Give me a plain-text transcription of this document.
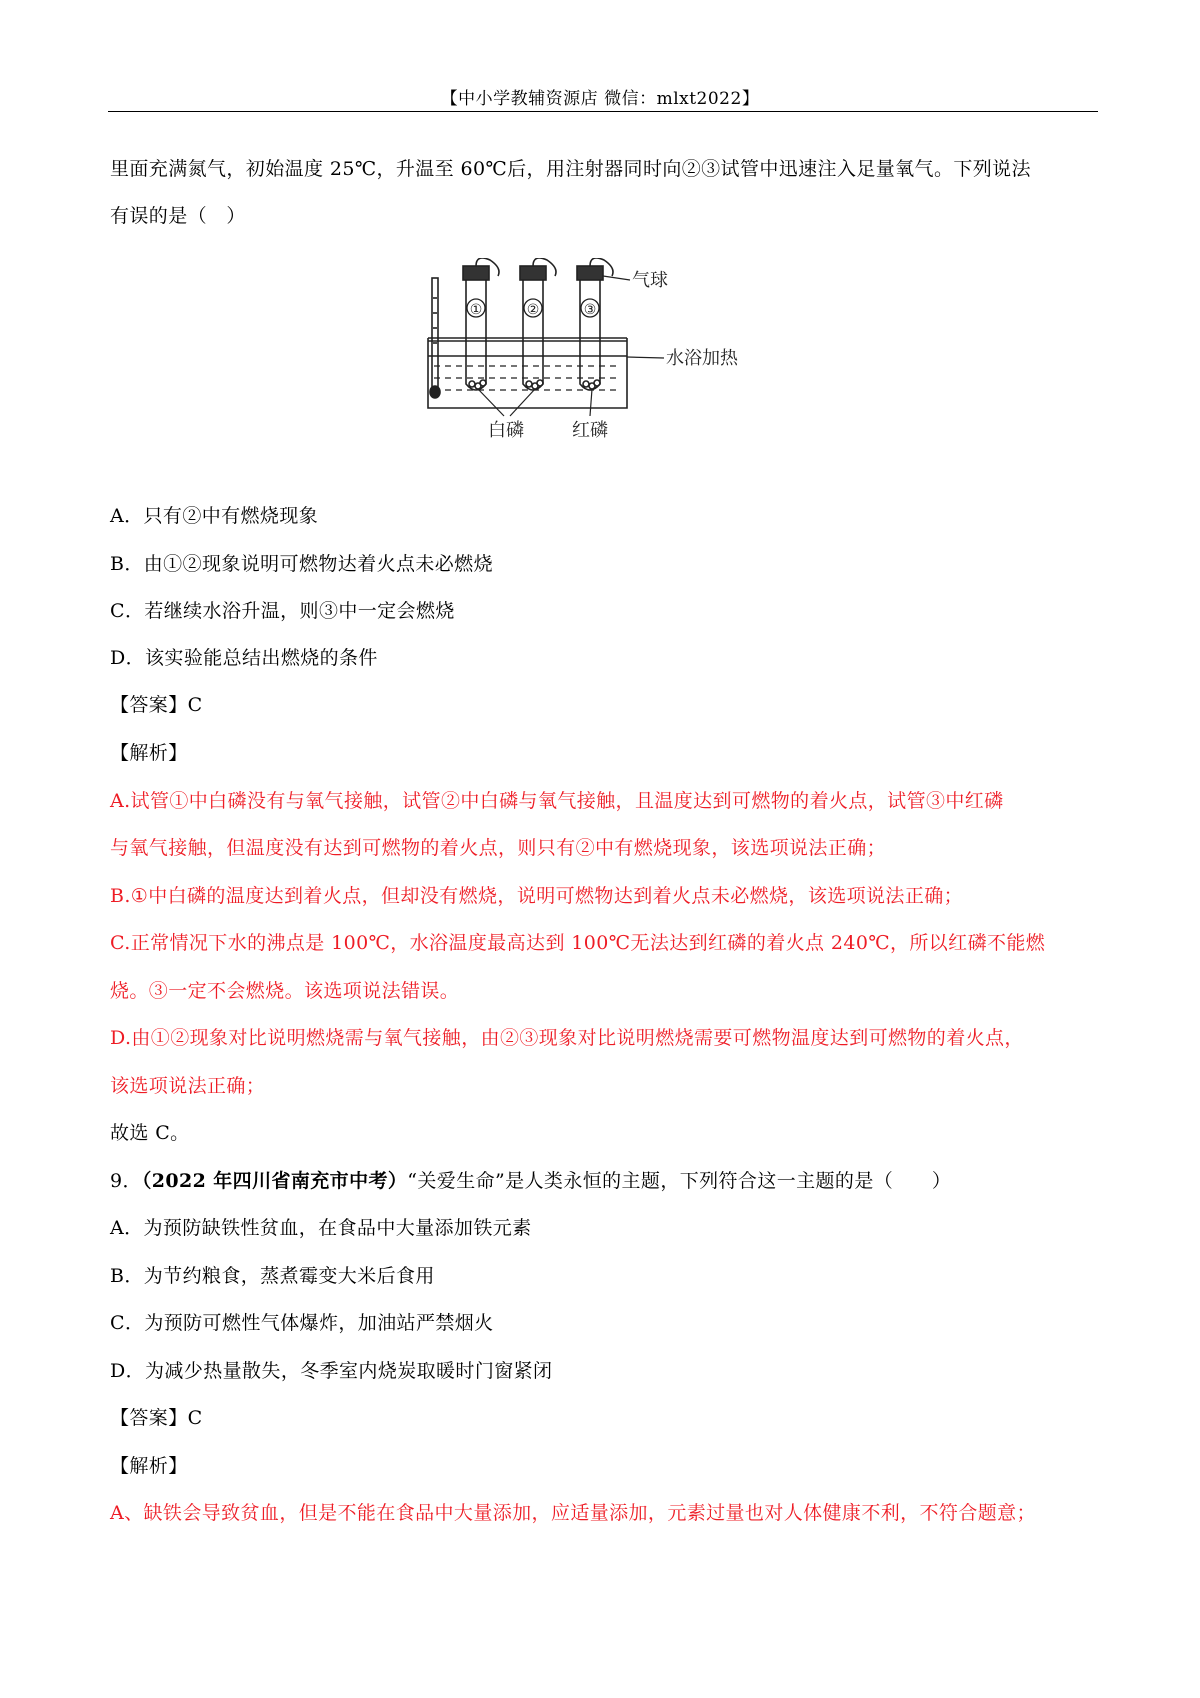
【中小学教辅资源店 微信：mlxt2022】
里面充满氮气，初始温度 25℃，升温至 60℃后，用注射器同时向②③试管中迅速注入足量氧气。下列说法
有误的是（　）
①	②	③
气球
水浴加热
白磷	红磷
A．只有②中有燃烧现象
B．由①②现象说明可燃物达着火点未必燃烧
C．若继续水浴升温，则③中一定会燃烧
D．该实验能总结出燃烧的条件
【答案】C
【解析】
A.试管①中白磷没有与氧气接触，试管②中白磷与氧气接触，且温度达到可燃物的着火点，试管③中红磷
与氧气接触，但温度没有达到可燃物的着火点，则只有②中有燃烧现象，该选项说法正确；
B.①中白磷的温度达到着火点，但却没有燃烧，说明可燃物达到着火点未必燃烧，该选项说法正确；
C.正常情况下水的沸点是 100℃，水浴温度最高达到 100℃无法达到红磷的着火点 240℃，所以红磷不能燃
烧。③一定不会燃烧。该选项说法错误。
D.由①②现象对比说明燃烧需与氧气接触，由②③现象对比说明燃烧需要可燃物温度达到可燃物的着火点，
该选项说法正确；
故选 C。
9．（2022 年四川省南充市中考）“关爱生命”是人类永恒的主题，下列符合这一主题的是（　　）
A．为预防缺铁性贫血，在食品中大量添加铁元素
B．为节约粮食，蒸煮霉变大米后食用
C．为预防可燃性气体爆炸，加油站严禁烟火
D．为减少热量散失，冬季室内烧炭取暖时门窗紧闭
【答案】C
【解析】
A、缺铁会导致贫血，但是不能在食品中大量添加，应适量添加，元素过量也对人体健康不利，不符合题意；
